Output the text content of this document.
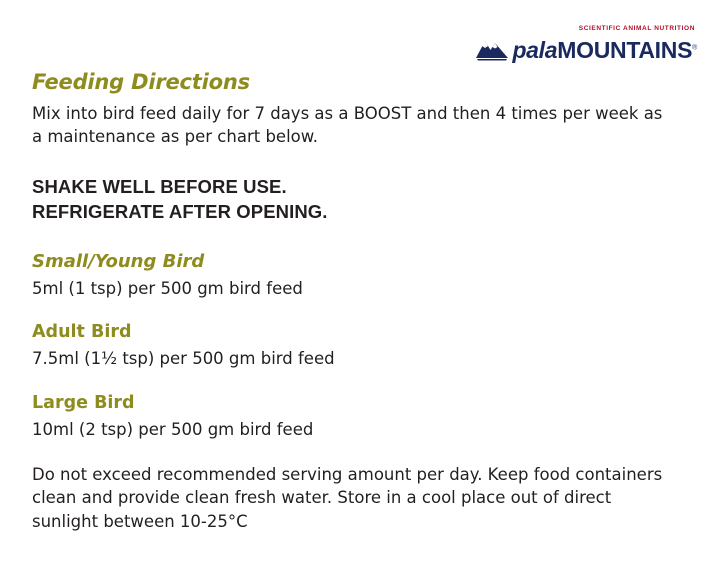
SCIENTIFIC ANIMAL NUTRITION
palaMOUNTAINS®
Feeding Directions

Mix into bird feed daily for 7 days as a BOOST and then 4 times per week as a maintenance as per chart below.

SHAKE WELL BEFORE USE.
REFRIGERATE AFTER OPENING.
Small/Young Bird

5ml (1 tsp) per 500 gm bird feed

Adult Bird

7.5ml (1½ tsp) per 500 gm bird feed

Large Bird

10ml (2 tsp) per 500 gm bird feed

Do not exceed recommended serving amount per day. Keep food containers clean and provide clean fresh water. Store in a cool place out of direct sunlight between 10-25°C
